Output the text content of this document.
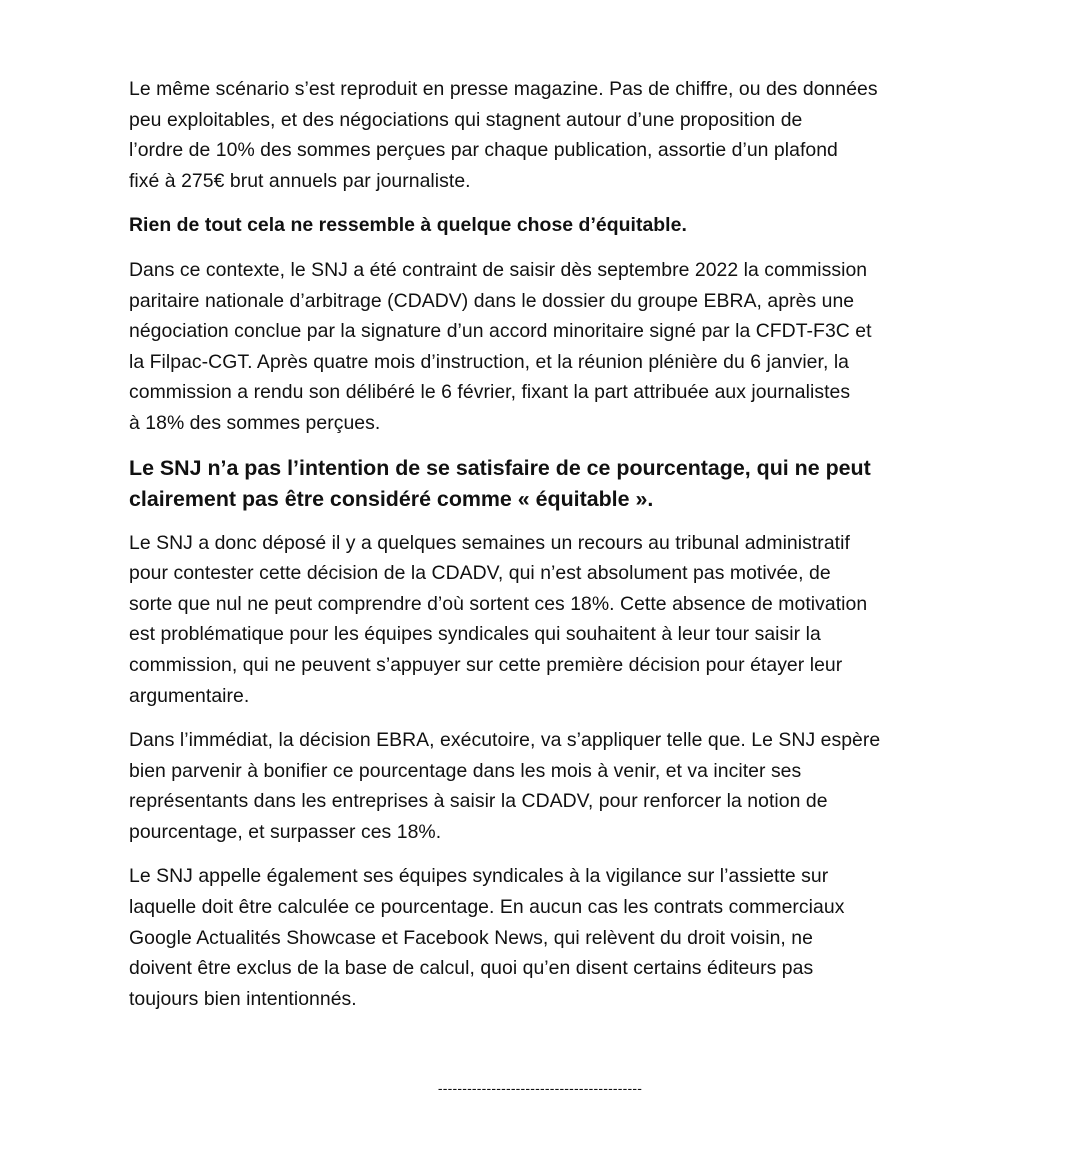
Le même scénario s’est reproduit en presse magazine. Pas de chiffre, ou des données
peu exploitables, et des négociations qui stagnent autour d’une proposition de
l’ordre de 10% des sommes perçues par chaque publication, assortie d’un plafond
fixé à 275€ brut annuels par journaliste.

Rien de tout cela ne ressemble à quelque chose d’équitable.

Dans ce contexte, le SNJ a été contraint de saisir dès septembre 2022 la commission
paritaire nationale d’arbitrage (CDADV) dans le dossier du groupe EBRA, après une
négociation conclue par la signature d’un accord minoritaire signé par la CFDT-F3C et
la Filpac-CGT. Après quatre mois d’instruction, et la réunion plénière du 6 janvier, la
commission a rendu son délibéré le 6 février, fixant la part attribuée aux journalistes
à 18% des sommes perçues.

Le SNJ n’a pas l’intention de se satisfaire de ce pourcentage, qui ne peut
clairement pas être considéré comme « équitable ».

Le SNJ a donc déposé il y a quelques semaines un recours au tribunal administratif
pour contester cette décision de la CDADV, qui n’est absolument pas motivée, de
sorte que nul ne peut comprendre d’où sortent ces 18%. Cette absence de motivation
est problématique pour les équipes syndicales qui souhaitent à leur tour saisir la
commission, qui ne peuvent s’appuyer sur cette première décision pour étayer leur
argumentaire.

Dans l’immédiat, la décision EBRA, exécutoire, va s’appliquer telle que. Le SNJ espère
bien parvenir à bonifier ce pourcentage dans les mois à venir, et va inciter ses
représentants dans les entreprises à saisir la CDADV, pour renforcer la notion de
pourcentage, et surpasser ces 18%.

Le SNJ appelle également ses équipes syndicales à la vigilance sur l’assiette sur
laquelle doit être calculée ce pourcentage. En aucun cas les contrats commerciaux
Google Actualités Showcase et Facebook News, qui relèvent du droit voisin, ne
doivent être exclus de la base de calcul, quoi qu’en disent certains éditeurs pas
toujours bien intentionnés.

------------------------------------------
